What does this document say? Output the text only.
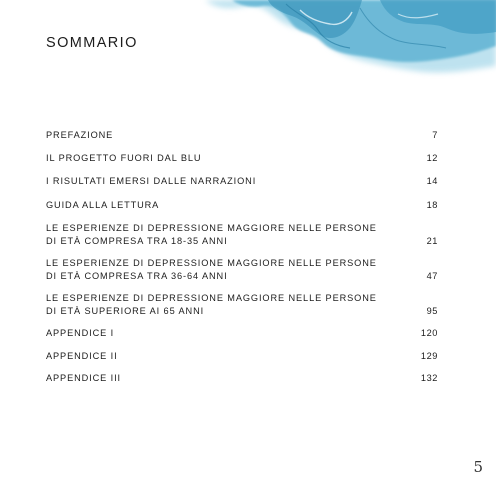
SOMMARIO
PREFAZIONE	7
IL PROGETTO FUORI DAL BLU	12
I RISULTATI EMERSI DALLE NARRAZIONI	14
GUIDA ALLA LETTURA	18
LE ESPERIENZE DI DEPRESSIONE MAGGIORE NELLE PERSONE
DI ETÀ COMPRESA TRA 18-35 ANNI	21
LE ESPERIENZE DI DEPRESSIONE MAGGIORE NELLE PERSONE
DI ETÀ COMPRESA TRA 36-64 ANNI	47
LE ESPERIENZE DI DEPRESSIONE MAGGIORE NELLE PERSONE
DI ETÀ SUPERIORE AI 65 ANNI	95
APPENDICE I	120
APPENDICE II	129
APPENDICE III	132
5
